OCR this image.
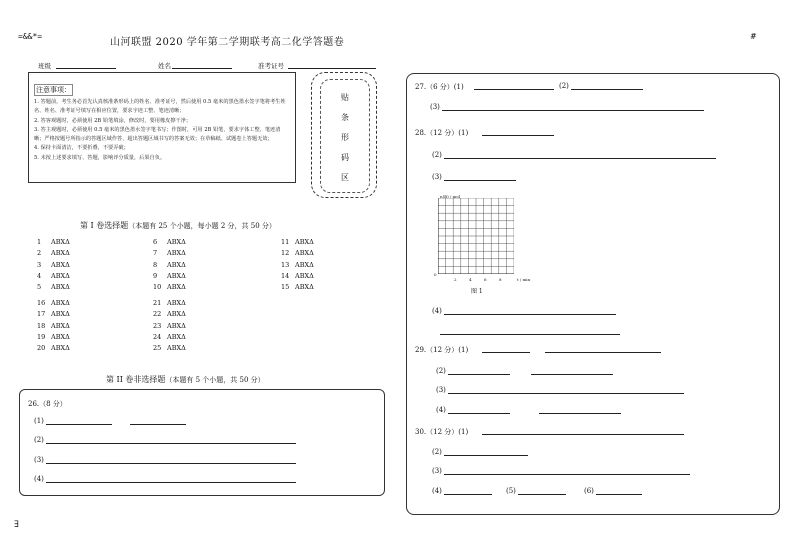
=&&*=	#
山河联盟 2020 学年第二学期联考高二化学答题卷
班级	姓名	准考证号
注意事项：
1. 答题前，考生务必首先认真核准条形码上的姓名、准考证号，然后使用 0.5 毫米的黑色墨水签字笔将考生姓名、姓名、准考证号填写在相应位置，要求字迹工整、笔迹清晰；
2. 答客观题时，必须使用 2B 铅笔填涂，修改时，要用橡皮擦干净；
3. 答主观题时，必须使用 0.5 毫米的黑色墨水签字笔书写；作图时，可用 2B 铅笔，要求字体工整、笔迹清晰；严格按题号所指示的答题区域作答，超出答题区域书写的答案无效；在草稿纸、试题卷上答题无效；
4. 保持卡面清洁，不要折叠，不要弄破；
5. 未按上述要求填写、答题，影响评分质量，后果自负。
贴
条
形
码
区
第 I 卷选择题（本题有 25 个小题，每小题 2 分，共 50 分）
1 ABXΔ
2 ABXΔ
3 ABXΔ
4 ABXΔ
5 ABXΔ
6 ABXΔ
7 ABXΔ
8 ABXΔ
9 ABXΔ
10 ABXΔ
11 ABXΔ
12 ABXΔ
13 ABXΔ
14 ABXΔ
15 ABXΔ
16 ABXΔ
17 ABXΔ
18 ABXΔ
19 ABXΔ
20 ABXΔ
21 ABXΔ
22 ABXΔ
23 ABXΔ
24 ABXΔ
25 ABXΔ
第 II 卷非选择题（本题有 5 个小题，共 50 分）
26.（8 分）
(1)
(2)
(3)
(4)
27.（6 分）(1)	(2)
(3)
28.（12 分）(1)
(2)
(3)
n(B) / mol
0
2	4	6	8	t / min
图 1
(4)
29.（12 分）(1)
(2)
(3)
(4)
30.（12 分）(1)
(2)
(3)
(4)	(5)	(6)
∃
